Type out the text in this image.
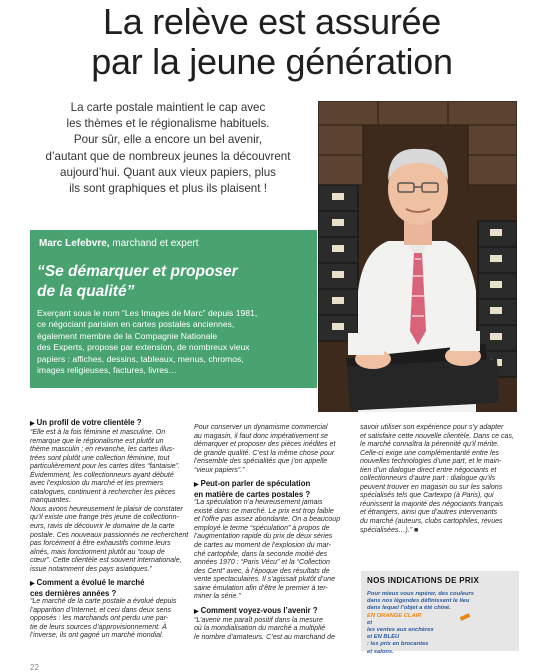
La relève est assurée
par la jeune génération
La carte postale maintient le cap avec
les thèmes et le régionalisme habituels.
Pour sûr, elle a encore un bel avenir,
d’autant que de nombreux jeunes la découvrent
aujourd’hui. Quant aux vieux papiers, plus
ils sont graphiques et plus ils plaisent !
Marc Lefebvre, marchand et expert
“Se démarquer et proposer
de la qualité”
Exerçant sous le nom “Les Images de Marc” depuis 1981,
ce négociant parisien en cartes postales anciennes,
également membre de la Compagnie Nationale
des Experts, propose par extension, de nombreux vieux
papiers : affiches, dessins, tableaux, menus, chromos,
images religieuses, factures, livres…
▶ Un profil de votre clientèle ?
“Elle est à la fois féminine et masculine. On
remarque que le régionalisme est plutôt un
thème masculin ; en revanche, les cartes illus-
trées sont plutôt une collection féminine, tout
particulièrement pour les cartes dites “fantaisie”.
Évidemment, les collectionneurs ayant débuté
avec l’explosion du marché et les premiers
catalogues, continuent à rechercher les pièces
manquantes.
Nous avons heureusement le plaisir de constater
qu’il existe une frange très jeune de collectionn-
eurs, ravis de découvrir le domaine de la carte
postale. Ces nouveaux passionnés ne recherchent
pas forcément à être exhaustifs comme leurs
aînés, mais fonctionnent plutôt au “coup de
cœur”. Cette clientèle est souvent internationale,
issue notamment des pays asiatiques.”
▶ Comment a évolué le marché
ces dernières années ?
“Le marché de la carte postale a évolué depuis
l’apparition d’Internet, et ceci dans deux sens
opposés : les marchands ont perdu une par-
tie de leurs sources d’approvisionnement. À
l’inverse, ils ont gagné un marché mondial.
Pour conserver un dynamisme commercial
au magasin, il faut donc impérativement se
démarquer et proposer des pièces inédites et
de grande qualité. C’est la même chose pour
l’ensemble des spécialités que j’on appelle
“vieux papiers”.”
▶ Peut-on parler de spéculation
en matière de cartes postales ?
“La spéculation n’a heureusement jamais
existé dans ce marché. Le prix est trop faible
et l’offre pas assez abondante. On a beaucoup
employé le terme “spéculation” à propos de
l’augmentation rapide du prix de deux séries
de cartes au moment de l’explosion du mar-
ché cartophile, dans la seconde moitié des
années 1970 : “Paris Vécu” et la “Collection
des Cent” avec, à l’époque des résultats de
vente spectaculaires. Il s’agissait plutôt d’une
saine émulation afin d’être le premier à ter-
miner la série.”
▶ Comment voyez-vous l’avenir ?
“L’avenir me paraît positif dans la mesure
où la mondialisation du marché a multiplié
le nombre d’amateurs. C’est au marchand de
savoir utiliser son expérience pour s’y adapter
et satisfaire cette nouvelle clientèle. Dans ce cas,
le marché connaîtra la pérennité qu’il mérite.
Celle-ci exige une complémentarité entre les
nouvelles technologies d’une part, et le main-
tien d’un dialogue direct entre négociants et
collectionneurs d’autre part : dialogue qu’ils
peuvent trouver en magasin ou sur les salons
spécialisés tels que Cartexpo (à Paris), qui
réunissent la majorité des négociants français
et étrangers, ainsi que d’autres intervenants
du marché (auteurs, clubs cartophiles, revues
spécialisées…).” ■
NOS INDICATIONS DE PRIX
Pour mieux vous repérer, des couleurs
dans nos légendes définissent le lieu
dans lequel l’objet a été chiné.
EN ORANGE CLAIR
et
les ventes aux enchères
et EN BLEU
: les prix en brocantes
et salons.
22
